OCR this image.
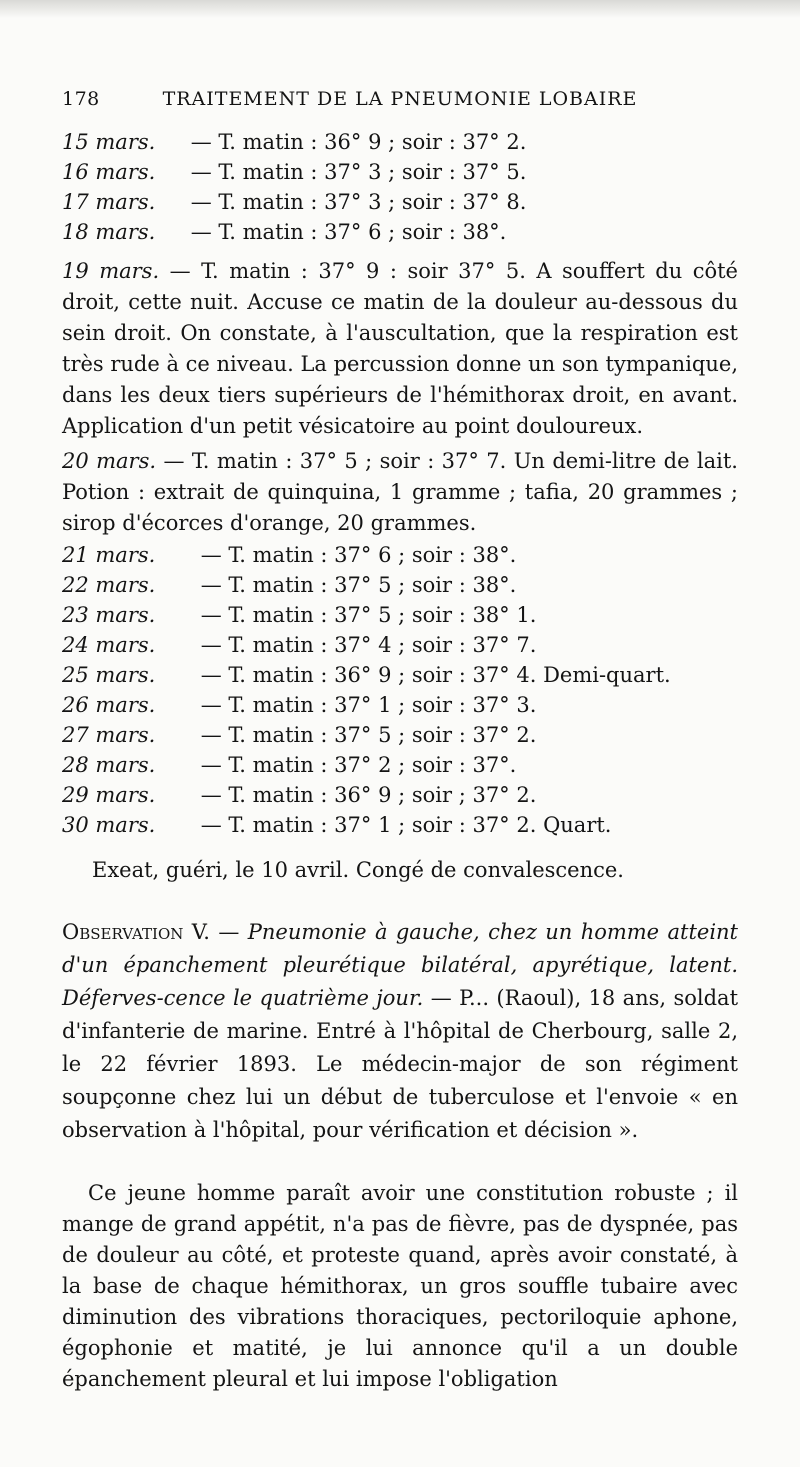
178	TRAITEMENT DE LA PNEUMONIE LOBAIRE
15 mars. — T. matin : 36° 9 ; soir : 37° 2.
16 mars. — T. matin : 37° 3 ; soir : 37° 5.
17 mars. — T. matin : 37° 3 ; soir : 37° 8.
18 mars. — T. matin : 37° 6 ; soir : 38°.

19 mars. — T. matin : 37° 9 : soir 37° 5. A souffert du côté droit, cette nuit. Accuse ce matin de la douleur au-dessous du sein droit. On constate, à l'auscultation, que la respiration est très rude à ce niveau. La percussion donne un son tympanique, dans les deux tiers supérieurs de l'hémithorax droit, en avant. Application d'un petit vésicatoire au point douloureux.

20 mars. — T. matin : 37° 5 ; soir : 37° 7. Un demi-litre de lait. Potion : extrait de quinquina, 1 gramme ; tafia, 20 grammes ; sirop d'écorces d'orange, 20 grammes.

21 mars. — T. matin : 37° 6 ; soir : 38°.
22 mars. — T. matin : 37° 5 ; soir : 38°.
23 mars. — T. matin : 37° 5 ; soir : 38° 1.
24 mars. — T. matin : 37° 4 ; soir : 37° 7.
25 mars. — T. matin : 36° 9 ; soir : 37° 4. Demi-quart.
26 mars. — T. matin : 37° 1 ; soir : 37° 3.
27 mars. — T. matin : 37° 5 ; soir : 37° 2.
28 mars. — T. matin : 37° 2 ; soir : 37°.
29 mars. — T. matin : 36° 9 ; soir ; 37° 2.
30 mars. — T. matin : 37° 1 ; soir : 37° 2. Quart.
Exeat, guéri, le 10 avril. Congé de convalescence.

Observation V. — Pneumonie à gauche, chez un homme atteint d'un épanchement pleurétique bilatéral, apyrétique, latent. Déferves-cence le quatrième jour. — P... (Raoul), 18 ans, soldat d'infanterie de marine. Entré à l'hôpital de Cherbourg, salle 2, le 22 février 1893. Le médecin-major de son régiment soupçonne chez lui un début de tuberculose et l'envoie « en observation à l'hôpital, pour vérification et décision ».

Ce jeune homme paraît avoir une constitution robuste ; il mange de grand appétit, n'a pas de fièvre, pas de dyspnée, pas de douleur au côté, et proteste quand, après avoir constaté, à la base de chaque hémithorax, un gros souffle tubaire avec diminution des vibrations thoraciques, pectoriloquie aphone, égophonie et matité, je lui annonce qu'il a un double épanchement pleural et lui impose l'obligation
